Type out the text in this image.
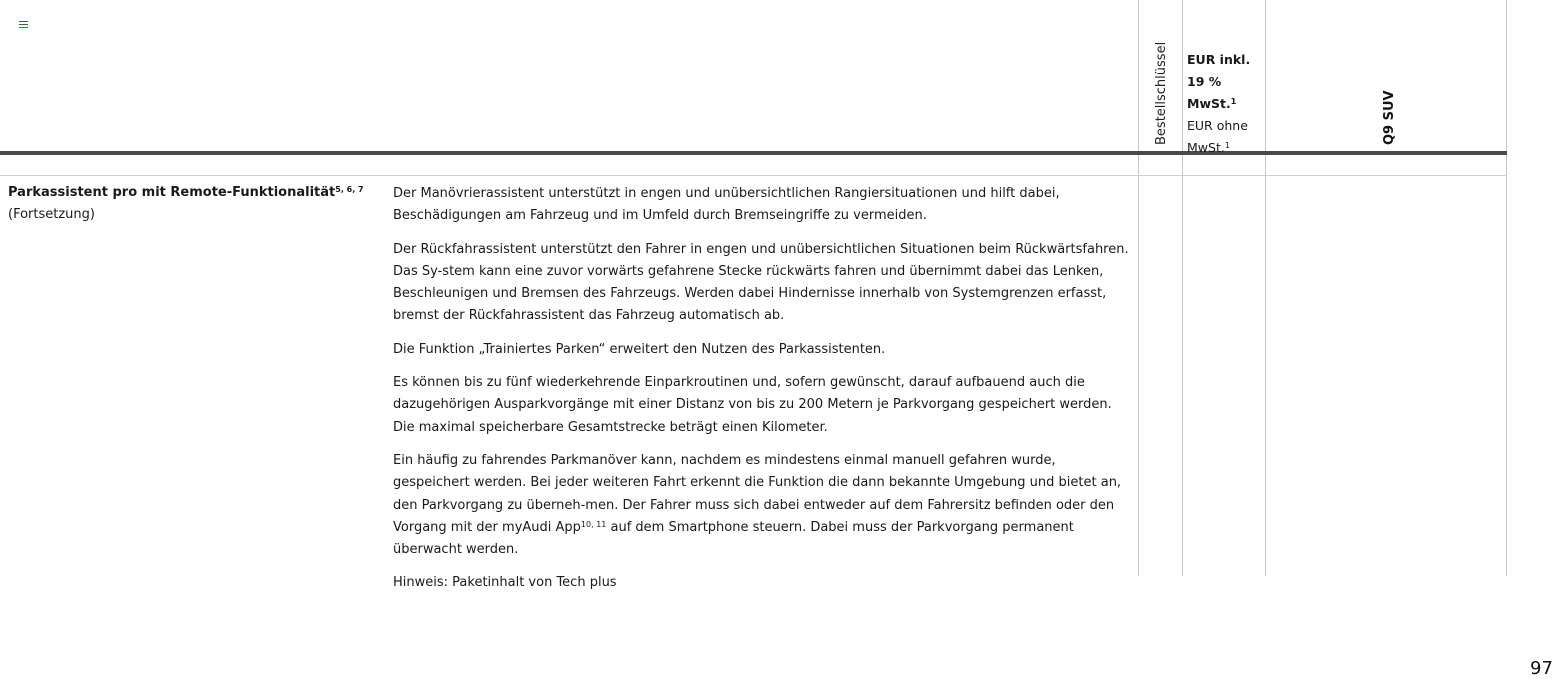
Bestellschlüssel	EUR inkl.
19 % MwSt.$^1$
EUR ohne
MwSt.$^1$
Q9 SUV
Parkassistent pro mit Remote-Funktionalität$^{5, 6, 7}$
(Fortsetzung)

Der Manövrierassistent unterstützt in engen und unübersichtlichen Rangiersituationen und hilft dabei, Beschädigungen am Fahrzeug und im Umfeld durch Bremseingriffe zu vermeiden.

Der Rückfahrassistent unterstützt den Fahrer in engen und unübersichtlichen Situationen beim Rückwärtsfahren. Das Sy-stem kann eine zuvor vorwärts gefahrene Stecke rückwärts fahren und übernimmt dabei das Lenken, Beschleunigen und Bremsen des Fahrzeugs. Werden dabei Hindernisse innerhalb von Systemgrenzen erfasst, bremst der Rückfahrassistent das Fahrzeug automatisch ab.

Die Funktion „Trainiertes Parken“ erweitert den Nutzen des Parkassistenten.

Es können bis zu fünf wiederkehrende Einparkroutinen und, sofern gewünscht, darauf aufbauend auch die dazugehörigen Ausparkvorgänge mit einer Distanz von bis zu 200 Metern je Parkvorgang gespeichert werden. Die maximal speicherbare Gesamtstrecke beträgt einen Kilometer.

Ein häufig zu fahrendes Parkmanöver kann, nachdem es mindestens einmal manuell gefahren wurde, gespeichert werden. Bei jeder weiteren Fahrt erkennt die Funktion die dann bekannte Umgebung und bietet an, den Parkvorgang zu überneh-men. Der Fahrer muss sich dabei entweder auf dem Fahrersitz befinden oder den Vorgang mit der myAudi App$^{10, 11}$ auf dem Smartphone steuern. Dabei muss der Parkvorgang permanent überwacht werden.

Hinweis: Paketinhalt von Tech plus

97
